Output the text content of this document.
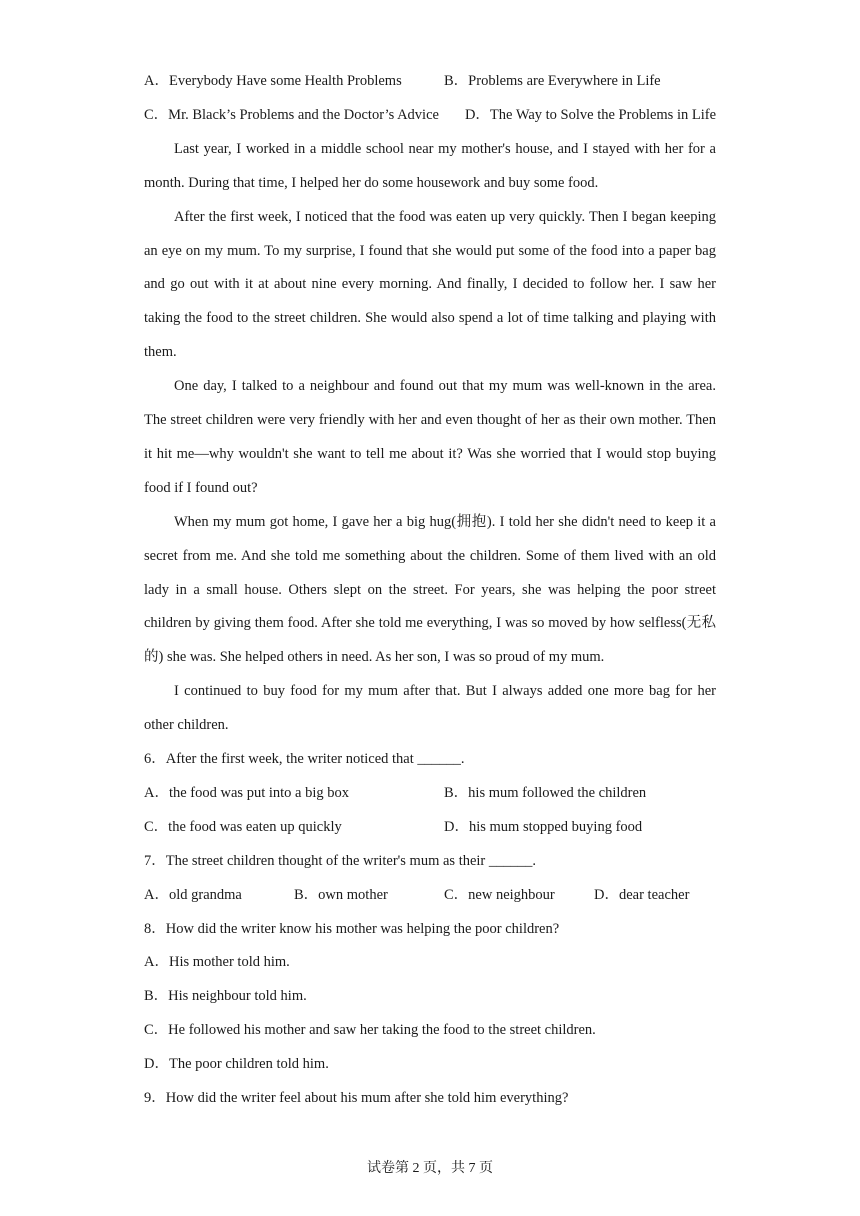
A．Everybody Have some Health Problems	B．Problems are Everywhere in Life
C．Mr. Black’s Problems and the Doctor’s Advice D．The Way to Solve the Problems in Life
Last year, I worked in a middle school near my mother's house, and I stayed with her for a month. During that time, I helped her do some housework and buy some food.
After the first week, I noticed that the food was eaten up very quickly. Then I began keeping an eye on my mum. To my surprise, I found that she would put some of the food into a paper bag and go out with it at about nine every morning. And finally, I decided to follow her. I saw her taking the food to the street children. She would also spend a lot of time talking and playing with them.
One day, I talked to a neighbour and found out that my mum was well-known in the area. The street children were very friendly with her and even thought of her as their own mother. Then it hit me—why wouldn't she want to tell me about it? Was she worried that I would stop buying food if I found out?
When my mum got home, I gave her a big hug(拥抱). I told her she didn't need to keep it a secret from me. And she told me something about the children. Some of them lived with an old lady in a small house. Others slept on the street. For years, she was helping the poor street children by giving them food. After she told me everything, I was so moved by how selfless(无私的) she was. She helped others in need. As her son, I was so proud of my mum.
I continued to buy food for my mum after that. But I always added one more bag for her other children.
6．After the first week, the writer noticed that ______.
A．the food was put into a big box	B．his mum followed the children
C．the food was eaten up quickly	D．his mum stopped buying food
7．The street children thought of the writer's mum as their ______.
A．old grandma	B．own mother	C．new neighbour	D．dear teacher
8．How did the writer know his mother was helping the poor children?
A．His mother told him.
B．His neighbour told him.
C．He followed his mother and saw her taking the food to the street children.
D．The poor children told him.
9．How did the writer feel about his mum after she told him everything?
试卷第 2 页，共 7 页
